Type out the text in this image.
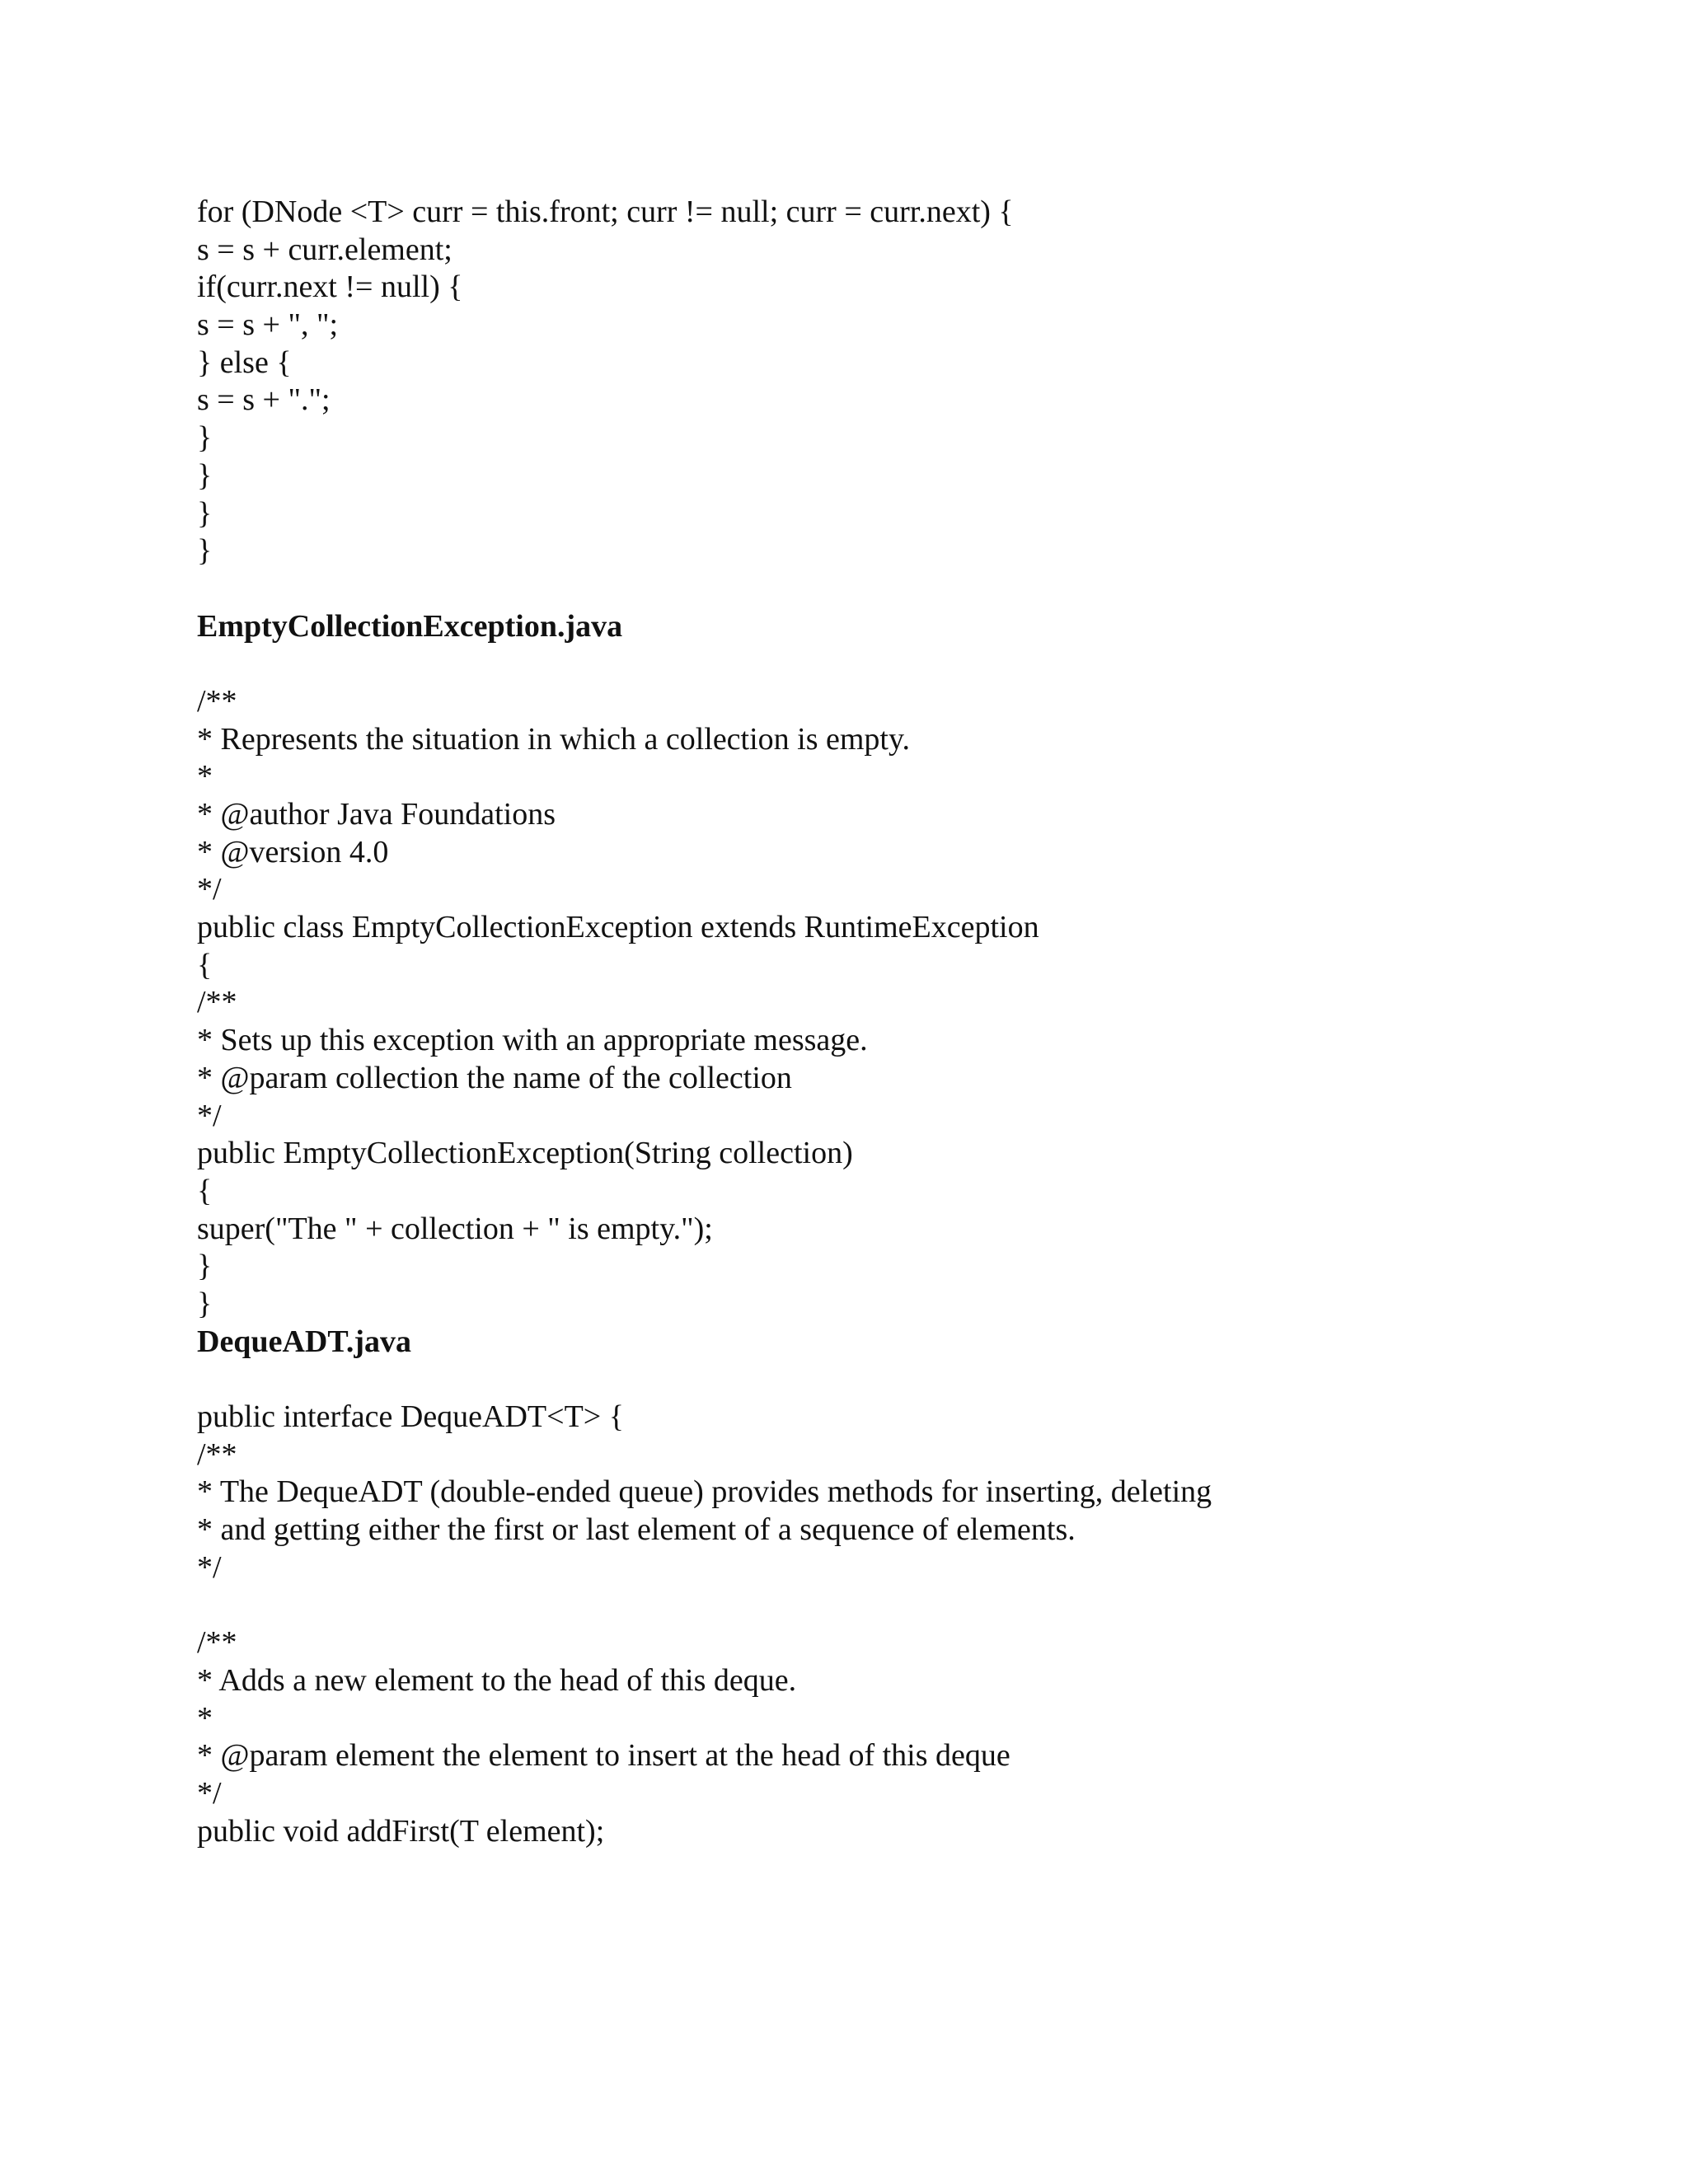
for (DNode <T> curr = this.front; curr != null; curr = curr.next) {
s = s + curr.element;
if(curr.next != null) {
s = s + ", ";
} else {
s = s + ".";
}
}
}
}
EmptyCollectionException.java
/**
* Represents the situation in which a collection is empty.
*
* @author Java Foundations
* @version 4.0
*/
public class EmptyCollectionException extends RuntimeException
{
/**
* Sets up this exception with an appropriate message.
* @param collection the name of the collection
*/
public EmptyCollectionException(String collection)
{
super("The " + collection + " is empty.");
}
}
DequeADT.java
public interface DequeADT<T> {
/**
* The DequeADT (double-ended queue) provides methods for inserting, deleting
* and getting either the first or last element of a sequence of elements.
*/
/**
* Adds a new element to the head of this deque.
*
* @param element the element to insert at the head of this deque
*/
public void addFirst(T element);
